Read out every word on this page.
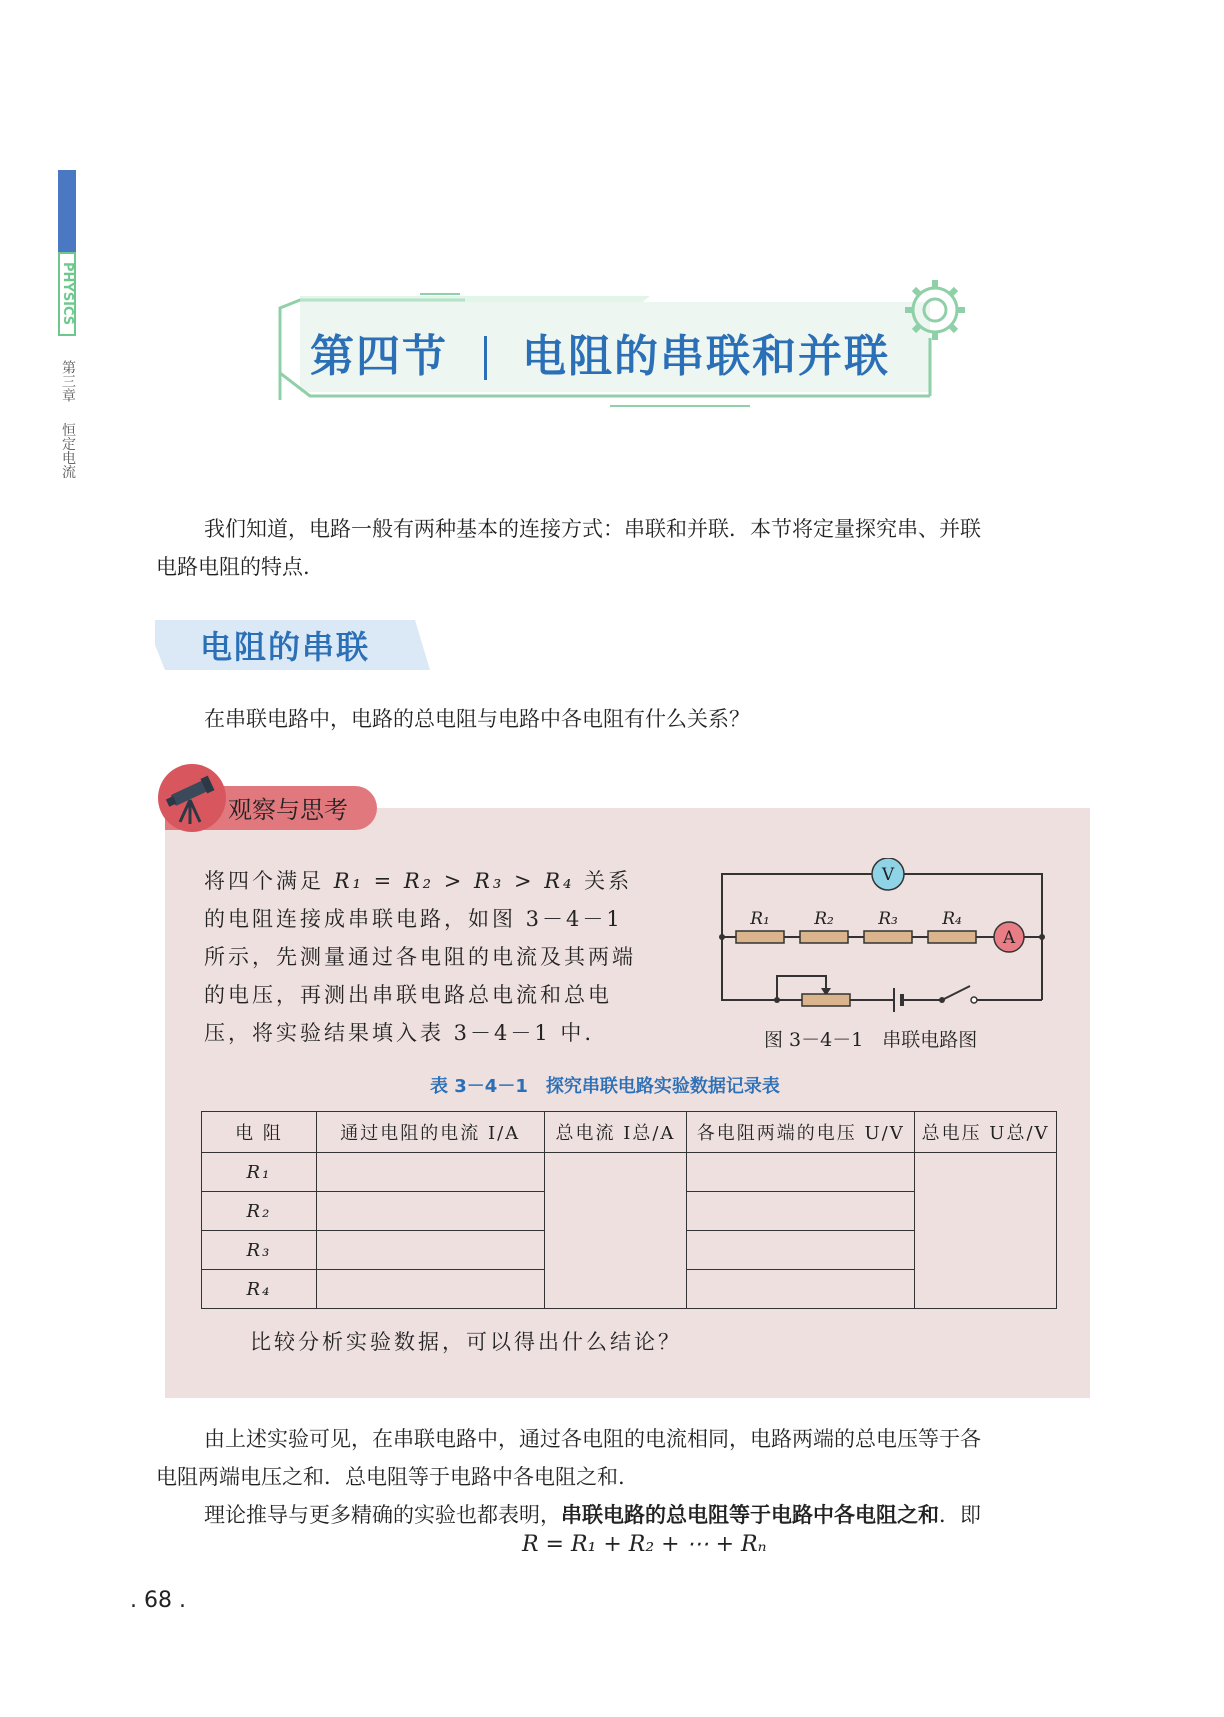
PHYSICS
第三章  恒定电流
第四节 电阻的串联和并联
我们知道，电路一般有两种基本的连接方式：串联和并联．本节将定量探究串、并联
电路电阻的特点.
电阻的串联
在串联电路中，电路的总电阻与电路中各电阻有什么关系？
观察与思考
将四个满足 R₁ = R₂ > R₃ > R₄ 关系的电阻连接成串联电路，如图 3－4－1 所示，先测量通过各电阻的电流及其两端的电压，再测出串联电路总电流和总电压，将实验结果填入表 3－4－1 中.
V
A
R₁	R₂	R₃	R₄
图 3－4－1　串联电路图
表 3－4－1　探究串联电路实验数据记录表
电 阻	通过电阻的电流 I/A	总电流 I总/A	各电阻两端的电压 U/V	总电压 U总/V
R₁				
R₂				
R₃				
R₄				
比较分析实验数据，可以得出什么结论？
由上述实验可见，在串联电路中，通过各电阻的电流相同，电路两端的总电压等于各
电阻两端电压之和．总电阻等于电路中各电阻之和.
理论推导与更多精确的实验也都表明，串联电路的总电阻等于电路中各电阻之和．即
R = R₁ + R₂ + ⋯ + Rₙ
. 68 .
